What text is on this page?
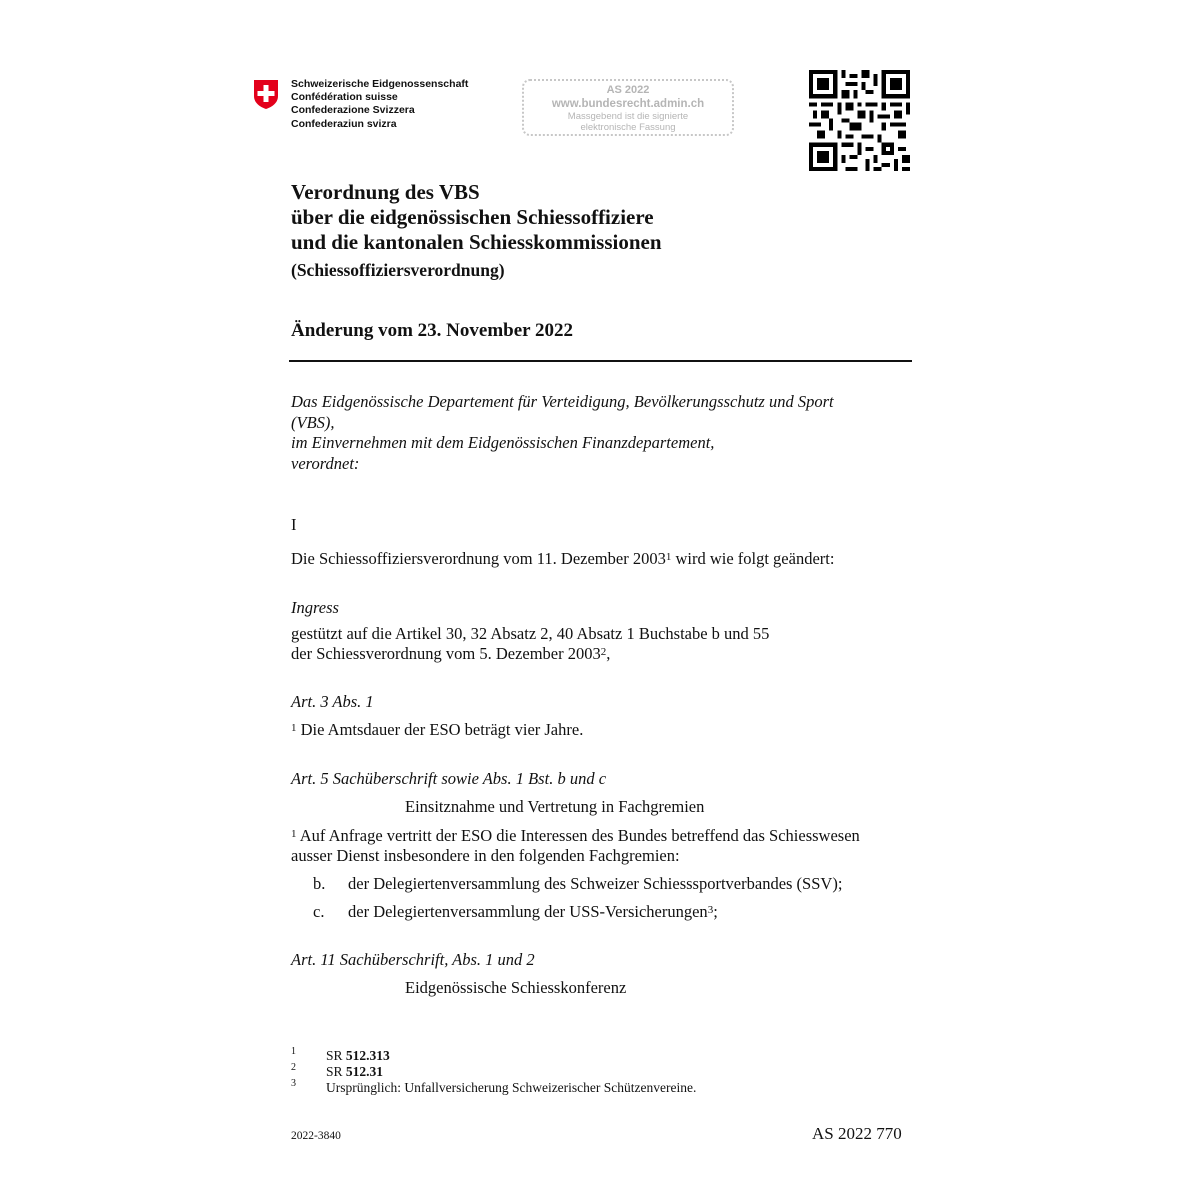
Schweizerische Eidgenossenschaft
Confédération suisse
Confederazione Svizzera
Confederaziun svizra
AS 2022
www.bundesrecht.admin.ch
Massgebend ist die signierte
elektronische Fassung
Verordnung des VBS
über die eidgenössischen Schiessoffiziere
und die kantonalen Schiesskommissionen
(Schiessoffiziersverordnung)
Änderung vom 23. November 2022
Das Eidgenössische Departement für Verteidigung, Bevölkerungsschutz und Sport
(VBS),
im Einvernehmen mit dem Eidgenössischen Finanzdepartement,
verordnet:
I
Die Schiessoffiziersverordnung vom 11. Dezember 2003$^1$ wird wie folgt geändert:
Ingress
gestützt auf die Artikel 30, 32 Absatz 2, 40 Absatz 1 Buchstabe b und 55
der Schiessverordnung vom 5. Dezember 2003$^2$,
Art. 3 Abs. 1
$^1$ Die Amtsdauer der ESO beträgt vier Jahre.
Art. 5 Sachüberschrift sowie Abs. 1 Bst. b und c
Einsitznahme und Vertretung in Fachgremien
$^1$ Auf Anfrage vertritt der ESO die Interessen des Bundes betreffend das Schiesswesen
ausser Dienst insbesondere in den folgenden Fachgremien:
b. der Delegiertenversammlung des Schweizer Schiesssportverbandes (SSV);
c. der Delegiertenversammlung der USS-Versicherungen$^3$;
Art. 11 Sachüberschrift, Abs. 1 und 2
Eidgenössische Schiesskonferenz
1 SR 512.313
2 SR 512.31
3 Ursprünglich: Unfallversicherung Schweizerischer Schützenvereine.
2022-3840	AS 2022 770
